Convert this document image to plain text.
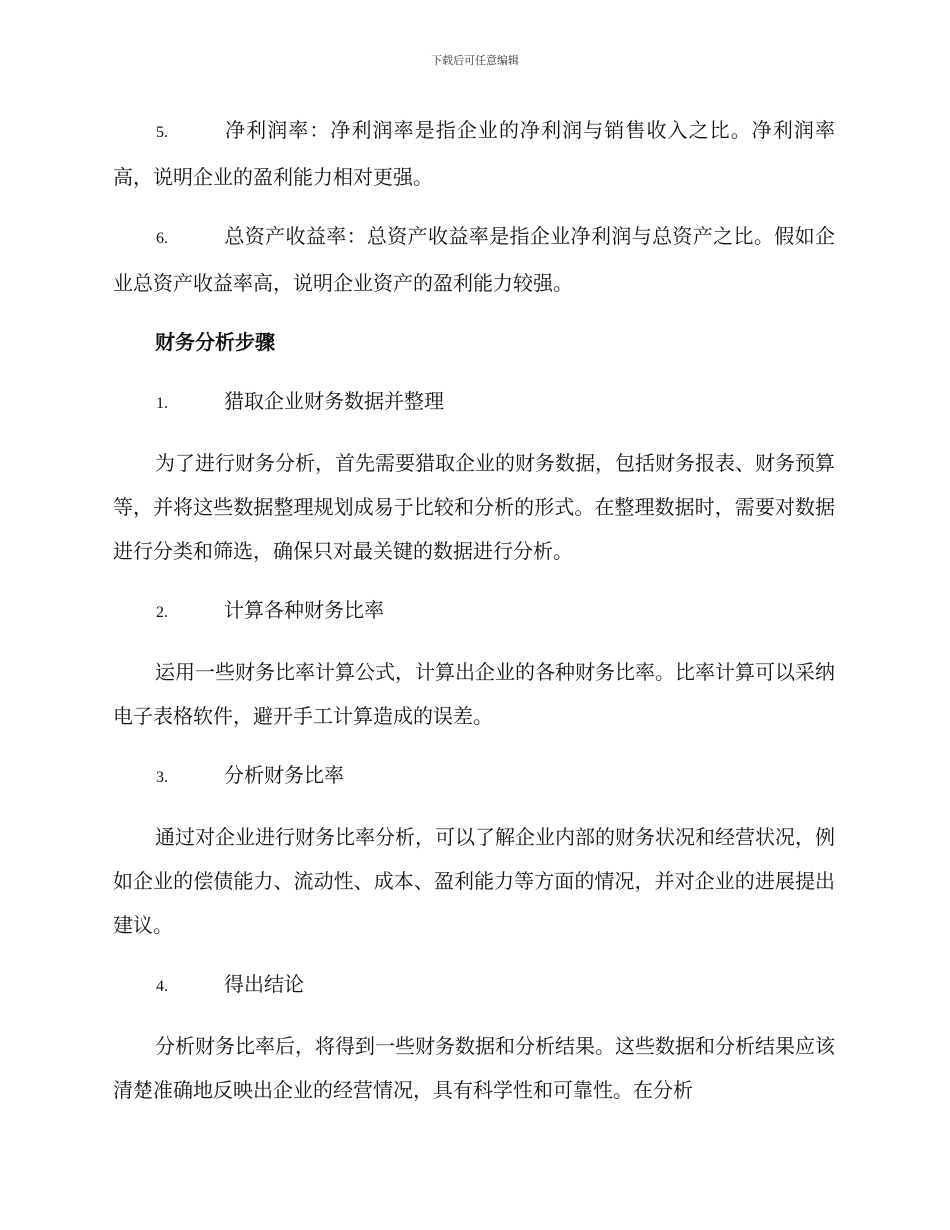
下载后可任意编辑
5.	净利润率：净利润率是指企业的净利润与销售收入之比。净利润率高，说明企业的盈利能力相对更强。
6.	总资产收益率：总资产收益率是指企业净利润与总资产之比。假如企业总资产收益率高，说明企业资产的盈利能力较强。
财务分析步骤
1.	猎取企业财务数据并整理
为了进行财务分析，首先需要猎取企业的财务数据，包括财务报表、财务预算等，并将这些数据整理规划成易于比较和分析的形式。在整理数据时，需要对数据进行分类和筛选，确保只对最关键的数据进行分析。
2.	计算各种财务比率
运用一些财务比率计算公式，计算出企业的各种财务比率。比率计算可以采纳电子表格软件，避开手工计算造成的误差。
3.	分析财务比率
通过对企业进行财务比率分析，可以了解企业内部的财务状况和经营状况，例如企业的偿债能力、流动性、成本、盈利能力等方面的情况，并对企业的进展提出建议。
4.	得出结论
分析财务比率后，将得到一些财务数据和分析结果。这些数据和分析结果应该清楚准确地反映出企业的经营情况，具有科学性和可靠性。在分析
